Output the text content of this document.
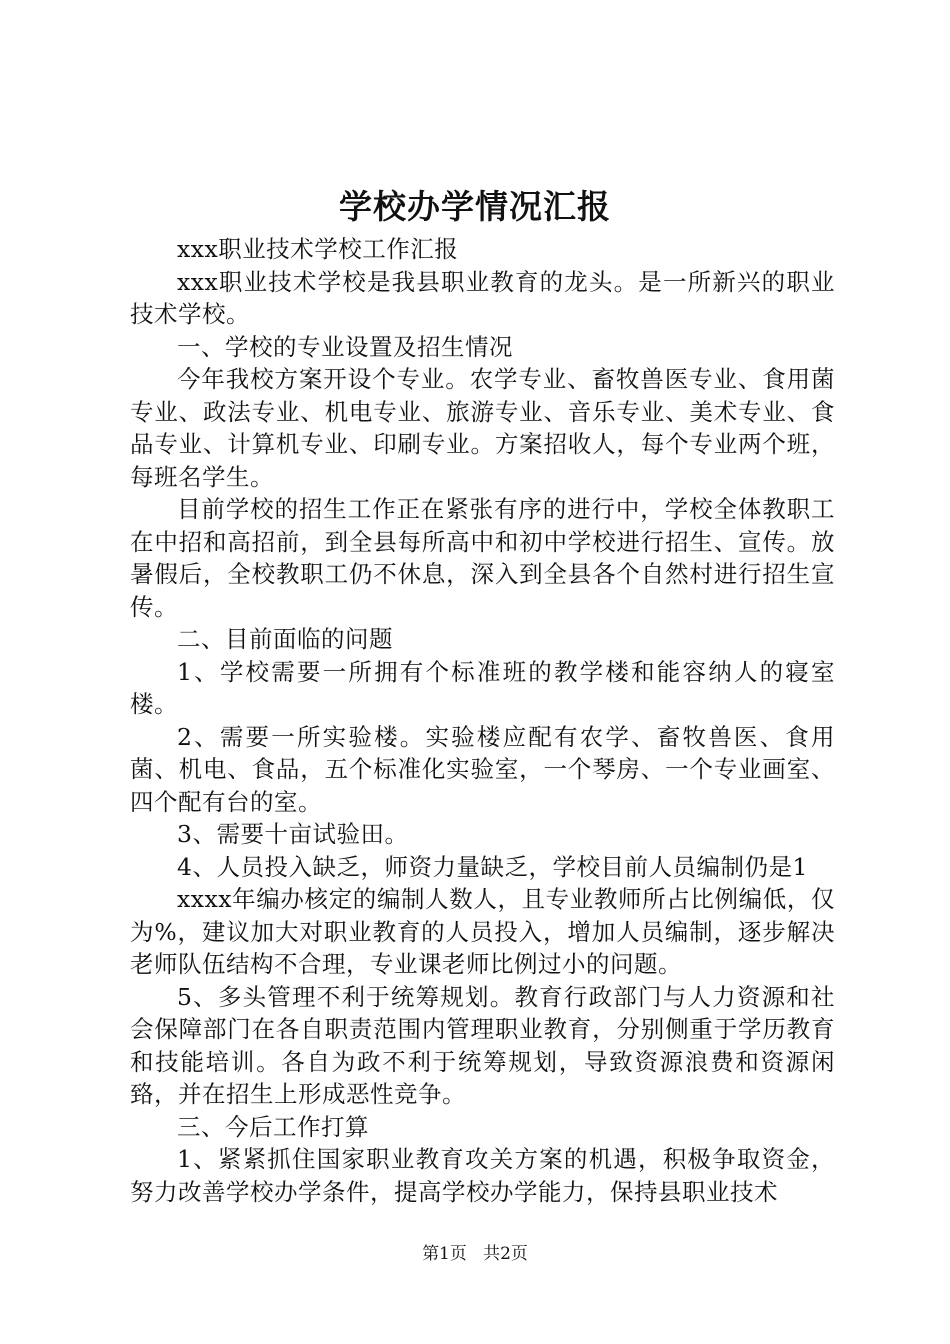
学校办学情况汇报

xxx职业技术学校工作汇报

xxx职业技术学校是我县职业教育的龙头。是一所新兴的职业技术学校。

一、学校的专业设置及招生情况

今年我校方案开设个专业。农学专业、畜牧兽医专业、食用菌专业、政法专业、机电专业、旅游专业、音乐专业、美术专业、食品专业、计算机专业、印刷专业。方案招收人，每个专业两个班，每班名学生。

目前学校的招生工作正在紧张有序的进行中，学校全体教职工在中招和高招前，到全县每所高中和初中学校进行招生、宣传。放暑假后，全校教职工仍不休息，深入到全县各个自然村进行招生宣传。

二、目前面临的问题

1、学校需要一所拥有个标准班的教学楼和能容纳人的寝室楼。

2、需要一所实验楼。实验楼应配有农学、畜牧兽医、食用菌、机电、食品，五个标准化实验室，一个琴房、一个专业画室、四个配有台的室。

3、需要十亩试验田。

4、人员投入缺乏，师资力量缺乏，学校目前人员编制仍是1

xxxx年编办核定的编制人数人，且专业教师所占比例编低，仅为%，建议加大对职业教育的人员投入，增加人员编制，逐步解决老师队伍结构不合理，专业课老师比例过小的问题。

5、多头管理不利于统筹规划。教育行政部门与人力资源和社会保障部门在各自职责范围内管理职业教育，分别侧重于学历教育和技能培训。各自为政不利于统筹规划，导致资源浪费和资源闲臵，并在招生上形成恶性竞争。

三、今后工作打算

1、紧紧抓住国家职业教育攻关方案的机遇，积极争取资金，努力改善学校办学条件，提高学校办学能力，保持县职业技术

第1页 共2页
